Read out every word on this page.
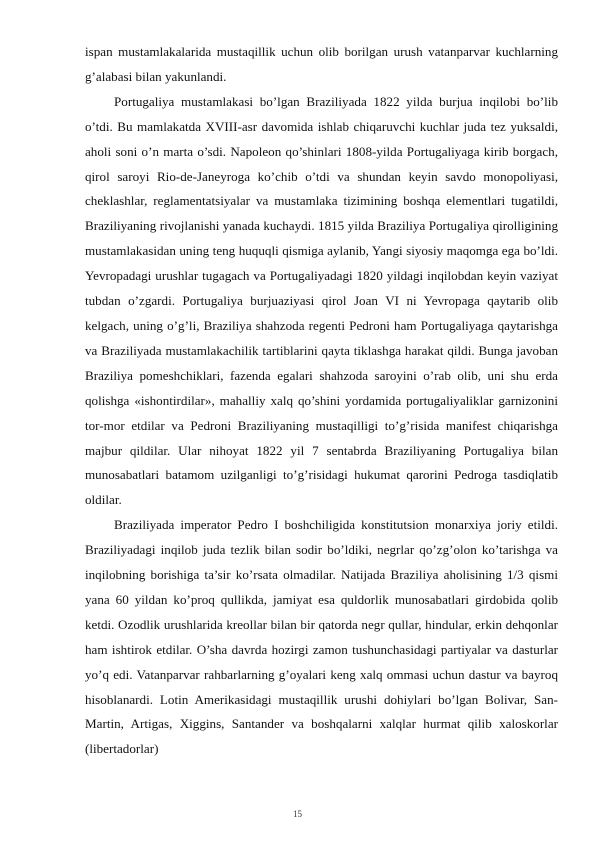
ispan mustamlakalarida mustaqillik uchun olib borilgan urush vatanparvar kuchlarning g’alabasi bilan yakunlandi.

Portugaliya mustamlakasi bo’lgan Braziliyada 1822 yilda burjua inqilobi bo’lib o’tdi. Bu mamlakatda XVIII-asr davomida ishlab chiqaruvchi kuchlar juda tez yuksaldi, aholi soni o’n marta o’sdi. Napoleon qo’shinlari 1808-yilda Portugaliyaga kirib borgach, qirol saroyi Rio-de-Janeyroga ko’chib o’tdi va shundan keyin savdo monopoliyasi, cheklashlar, reglamentatsiyalar va mustamlaka tizimining boshqa elementlari tugatildi, Braziliyaning rivojlanishi yanada kuchaydi. 1815 yilda Braziliya Portugaliya qirolligining mustamlakasidan uning teng huquqli qismiga aylanib, Yangi siyosiy maqomga ega bo’ldi. Yevropadagi urushlar tugagach va Portugaliyadagi 1820 yildagi inqilobdan keyin vaziyat tubdan o’zgardi. Portugaliya burjuaziyasi qirol Joan VI ni Yevropaga qaytarib olib kelgach, uning o’g’li, Braziliya shahzoda regenti Pedroni ham Portugaliyaga qaytarishga va Braziliyada mustamlakachilik tartiblarini qayta tiklashga harakat qildi. Bunga javoban Braziliya pomeshchiklari, fazenda egalari shahzoda saroyini o’rab olib, uni shu erda qolishga «ishontirdilar», mahalliy xalq qo’shini yordamida portugaliyaliklar garnizonini tor-mor etdilar va Pedroni Braziliyaning mustaqilligi to’g’risida manifest chiqarishga majbur qildilar. Ular nihoyat 1822 yil 7 sentabrda Braziliyaning Portugaliya bilan munosabatlari batamom uzilganligi to’g’risidagi hukumat qarorini Pedroga tasdiqlatib oldilar.

Braziliyada imperator Pedro I boshchiligida konstitutsion monarxiya joriy etildi. Braziliyadagi inqilob juda tezlik bilan sodir bo’ldiki, negrlar qo’zg’olon ko’tarishga va inqilobning borishiga ta’sir ko’rsata olmadilar. Natijada Braziliya aholisining 1/3 qismi yana 60 yildan ko’proq qullikda, jamiyat esa quldorlik munosabatlari girdobida qolib ketdi. Ozodlik urushlarida kreollar bilan bir qatorda negr qullar, hindular, erkin dehqonlar ham ishtirok etdilar. O’sha davrda hozirgi zamon tushunchasidagi partiyalar va dasturlar yo’q edi. Vatanparvar rahbarlarning g’oyalari keng xalq ommasi uchun dastur va bayroq hisoblanardi. Lotin Amerikasidagi mustaqillik urushi dohiylari bo’lgan Bolivar, San-Martin, Artigas, Xiggins, Santander va boshqalarni xalqlar hurmat qilib xaloskorlar (libertadorlar)

15
